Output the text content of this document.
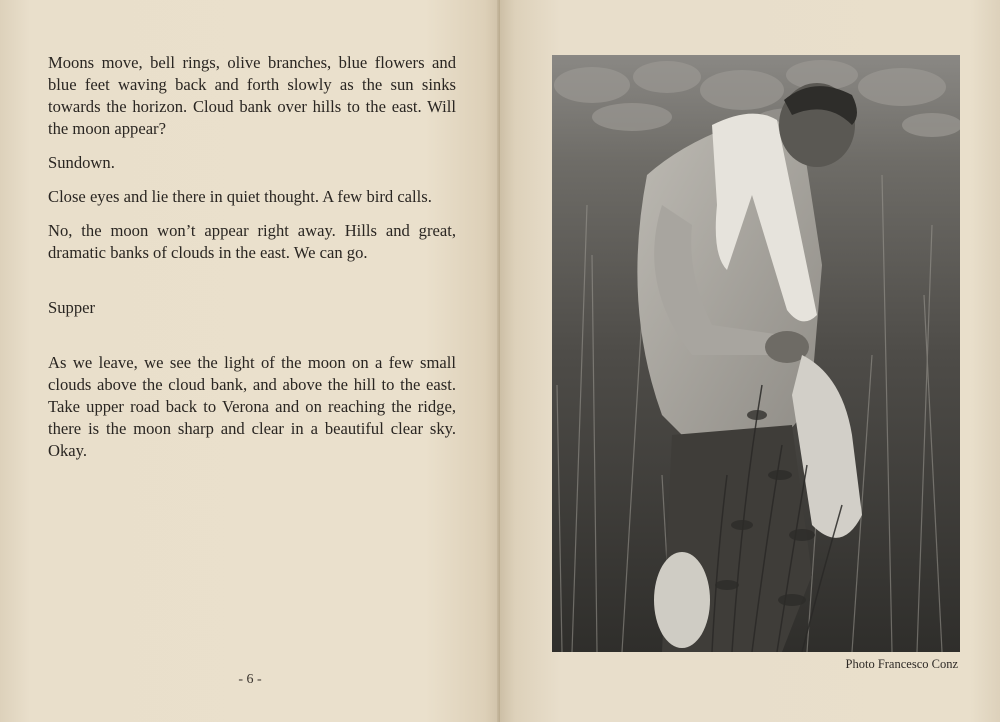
Moons move, bell rings, olive branches, blue flowers and blue feet waving back and forth slowly as the sun sinks towards the horizon. Cloud bank over hills to the east. Will the moon appear?

Sundown.

Close eyes and lie there in quiet thought. A few bird calls.

No, the moon won’t appear right away. Hills and great, dramatic banks of clouds in the east. We can go.

Supper

As we leave, we see the light of the moon on a few small clouds above the cloud bank, and above the hill to the east. Take upper road back to Verona and on reaching the ridge, there is the moon sharp and clear in a beautiful clear sky. Okay.

- 6 -
Photo Francesco Conz
